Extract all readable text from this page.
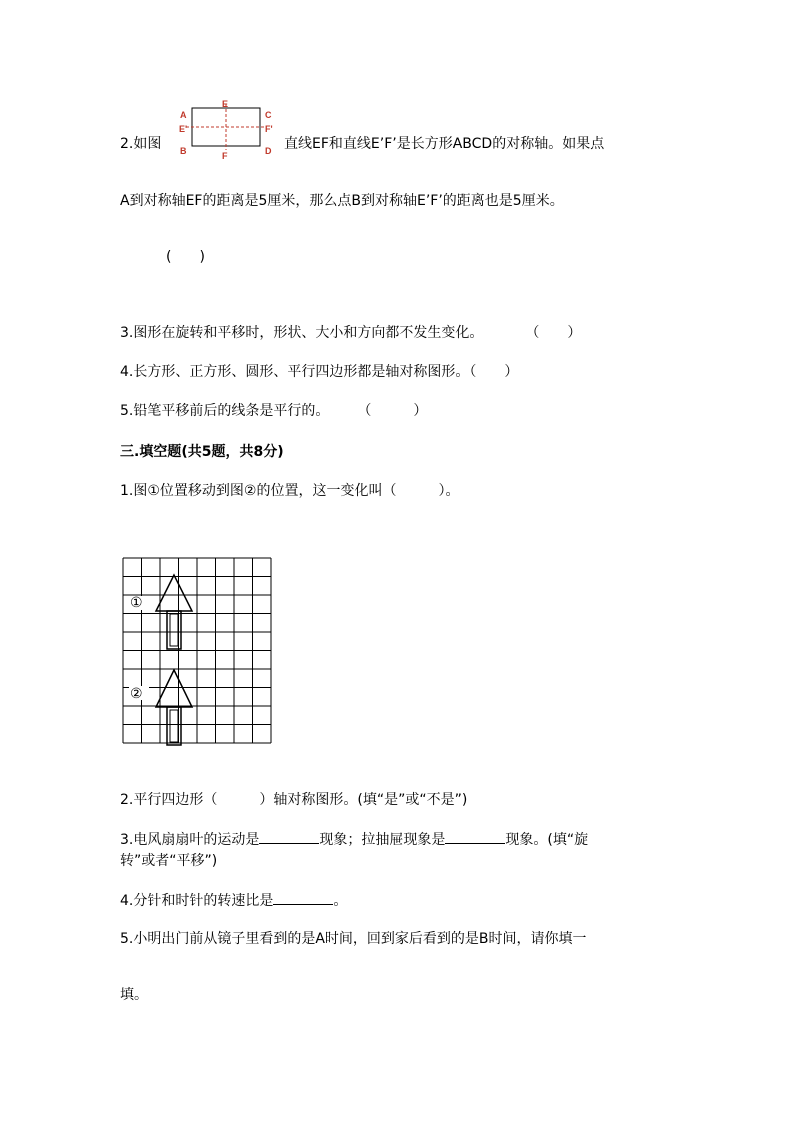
2.如图
E
F
A
E'
B
C
F'
D 直线EF和直线E’F’是长方形ABCD的对称轴。如果点
A到对称轴EF的距离是5厘米，那么点B到对称轴E’F’的距离也是5厘米。
(　　)
3.图形在旋转和平移时，形状、大小和方向都不发生变化。　　　　（　　）
4.长方形、正方形、圆形、平行四边形都是轴对称图形。（　　）
5.铅笔平移前后的线条是平行的。　　　（　　　）
三.填空题(共5题，共8分)
1.图①位置移动到图②的位置，这一变化叫（　　　）。
①
②
2.平行四边形（　　　）轴对称图形。(填“是”或“不是”)
3.电风扇扇叶的运动是	现象；拉抽屉现象是	现象。(填“旋
转”或者“平移”)
4.分针和时针的转速比是	。
5.小明出门前从镜子里看到的是A时间，回到家后看到的是B时间，请你填一
填。
